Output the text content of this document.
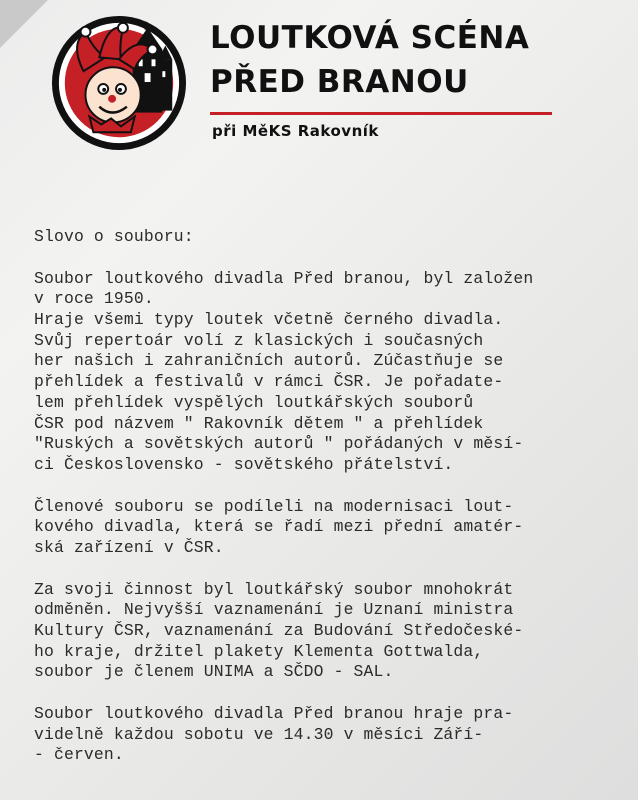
LOUTKOVÁ SCÉNA
PŘED BRANOU
při MěKS Rakovník
Slovo o souboru:
Soubor loutkového divadla Před branou, byl založen
v roce 1950.
Hraje všemi typy loutek včetně černého divadla.
Svůj repertoár volí z klasických i současných
her našich i zahraničních autorů. Zúčastňuje se
přehlídek a festivalů v rámci ČSR. Je pořadate-
lem přehlídek vyspělých loutkářských souborů
ČSR pod názvem " Rakovník dětem " a přehlídek
"Ruských a sovětských autorů " pořádaných v měsí-
ci Československo - sovětského přátelství.
Členové souboru se podíleli na modernisaci lout-
kového divadla, která se řadí mezi přední amatér-
ská zařízení v ČSR.
Za svoji činnost byl loutkářský soubor mnohokrát
odměněn. Nejvyšší vaznamenání je Uznaní ministra
Kultury ČSR, vaznamenání za Budování Středočeské-
ho kraje, držitel plakety Klementa Gottwalda,
soubor je členem UNIMA a SČDO - SAL.
Soubor loutkového divadla Před branou hraje pra-
videlně každou sobotu ve 14.30 v měsíci Září-
- červen.
